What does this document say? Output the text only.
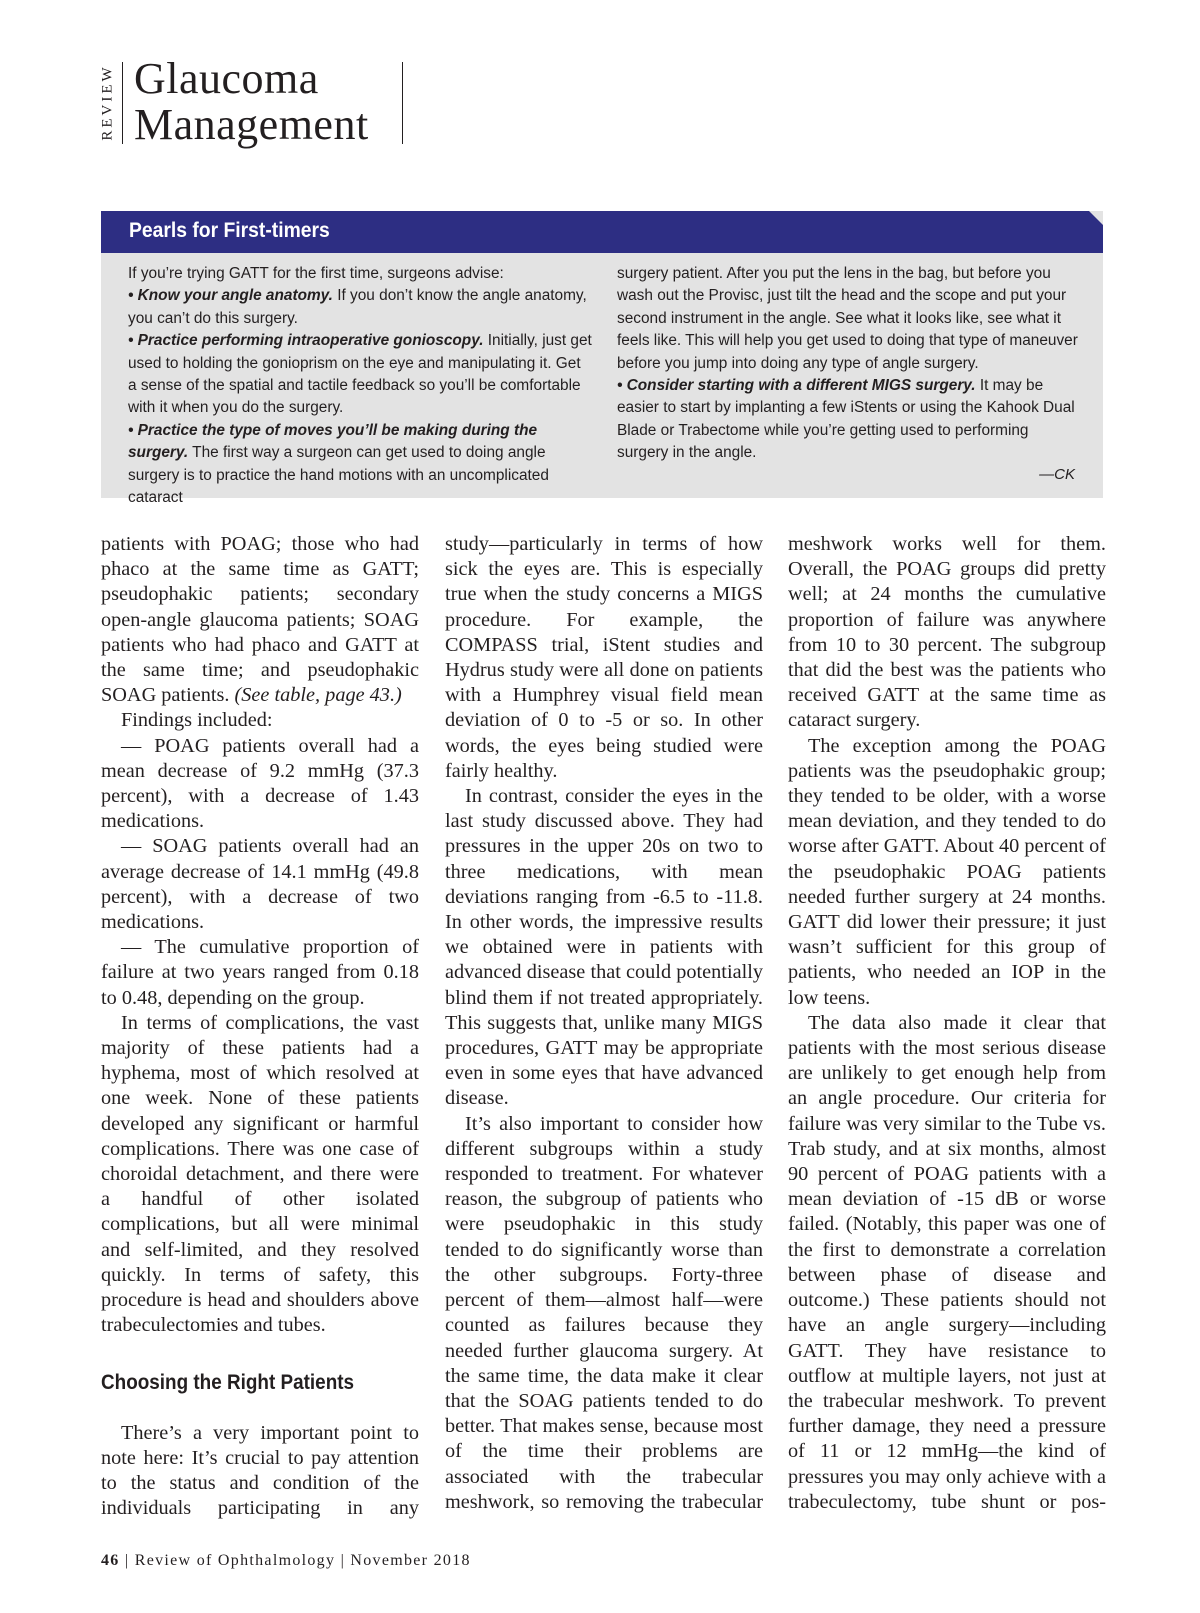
REVIEW Glaucoma
Management
Pearls for First-timers

If you’re trying GATT for the first time, surgeons advise:

• Know your angle anatomy. If you don’t know the angle anatomy, you can’t do this surgery.

• Practice performing intraoperative gonioscopy. Initially, just get used to holding the gonioprism on the eye and manipulating it. Get a sense of the spatial and tactile feedback so you’ll be comfortable with it when you do the surgery.

• Practice the type of moves you’ll be making during the surgery. The first way a surgeon can get used to doing angle surgery is to practice the hand motions with an uncomplicated cataract

surgery patient. After you put the lens in the bag, but before you wash out the Provisc, just tilt the head and the scope and put your second instrument in the angle. See what it looks like, see what it feels like. This will help you get used to doing that type of maneuver before you jump into doing any type of angle surgery.

• Consider starting with a different MIGS surgery. It may be easier to start by implanting a few iStents or using the Kahook Dual Blade or Trabectome while you’re getting used to performing surgery in the angle.

—CK

patients with POAG; those who had phaco at the same time as GATT; pseudophakic patients; secondary open-angle glaucoma patients; SOAG patients who had phaco and GATT at the same time; and pseudophakic SOAG patients. (See table, page 43.)

Findings included:

— POAG patients overall had a mean decrease of 9.2 mmHg (37.3 percent), with a decrease of 1.43 medications.

— SOAG patients overall had an average decrease of 14.1 mmHg (49.8 percent), with a decrease of two medications.

— The cumulative proportion of failure at two years ranged from 0.18 to 0.48, depending on the group.

In terms of complications, the vast majority of these patients had a hyphema, most of which resolved at one week. None of these patients developed any significant or harmful complications. There was one case of choroidal detachment, and there were a handful of other isolated complications, but all were minimal and self-limited, and they resolved quickly. In terms of safety, this procedure is head and shoulders above trabeculectomies and tubes.

Choosing the Right Patients

There’s a very important point to note here: It’s crucial to pay attention to the status and condition of the individuals participating in any

study—particularly in terms of how sick the eyes are. This is especially true when the study concerns a MIGS procedure. For example, the COMPASS trial, iStent studies and Hydrus study were all done on patients with a Humphrey visual field mean deviation of 0 to -5 or so. In other words, the eyes being studied were fairly healthy.

In contrast, consider the eyes in the last study discussed above. They had pressures in the upper 20s on two to three medications, with mean deviations ranging from -6.5 to -11.8. In other words, the impressive results we obtained were in patients with advanced disease that could potentially blind them if not treated appropriately. This suggests that, unlike many MIGS procedures, GATT may be appropriate even in some eyes that have advanced disease.

It’s also important to consider how different subgroups within a study responded to treatment. For whatever reason, the subgroup of patients who were pseudophakic in this study tended to do significantly worse than the other subgroups. Forty-three percent of them—almost half—were counted as failures because they needed further glaucoma surgery. At the same time, the data make it clear that the SOAG patients tended to do better. That makes sense, because most of the time their problems are associated with the trabecular meshwork, so removing the trabecular

meshwork works well for them. Overall, the POAG groups did pretty well; at 24 months the cumulative proportion of failure was anywhere from 10 to 30 percent. The subgroup that did the best was the patients who received GATT at the same time as cataract surgery.

The exception among the POAG patients was the pseudophakic group; they tended to be older, with a worse mean deviation, and they tended to do worse after GATT. About 40 percent of the pseudophakic POAG patients needed further surgery at 24 months. GATT did lower their pressure; it just wasn’t sufficient for this group of patients, who needed an IOP in the low teens.

The data also made it clear that patients with the most serious disease are unlikely to get enough help from an angle procedure. Our criteria for failure was very similar to the Tube vs. Trab study, and at six months, almost 90 percent of POAG patients with a mean deviation of -15 dB or worse failed. (Notably, this paper was one of the first to demonstrate a correlation between phase of disease and outcome.) These patients should not have an angle surgery—including GATT. They have resistance to outflow at multiple layers, not just at the trabecular meshwork. To prevent further damage, they need a pressure of 11 or 12 mmHg—the kind of pressures you may only achieve with a trabeculectomy, tube shunt or pos-

46 | Review of Ophthalmology | November 2018
